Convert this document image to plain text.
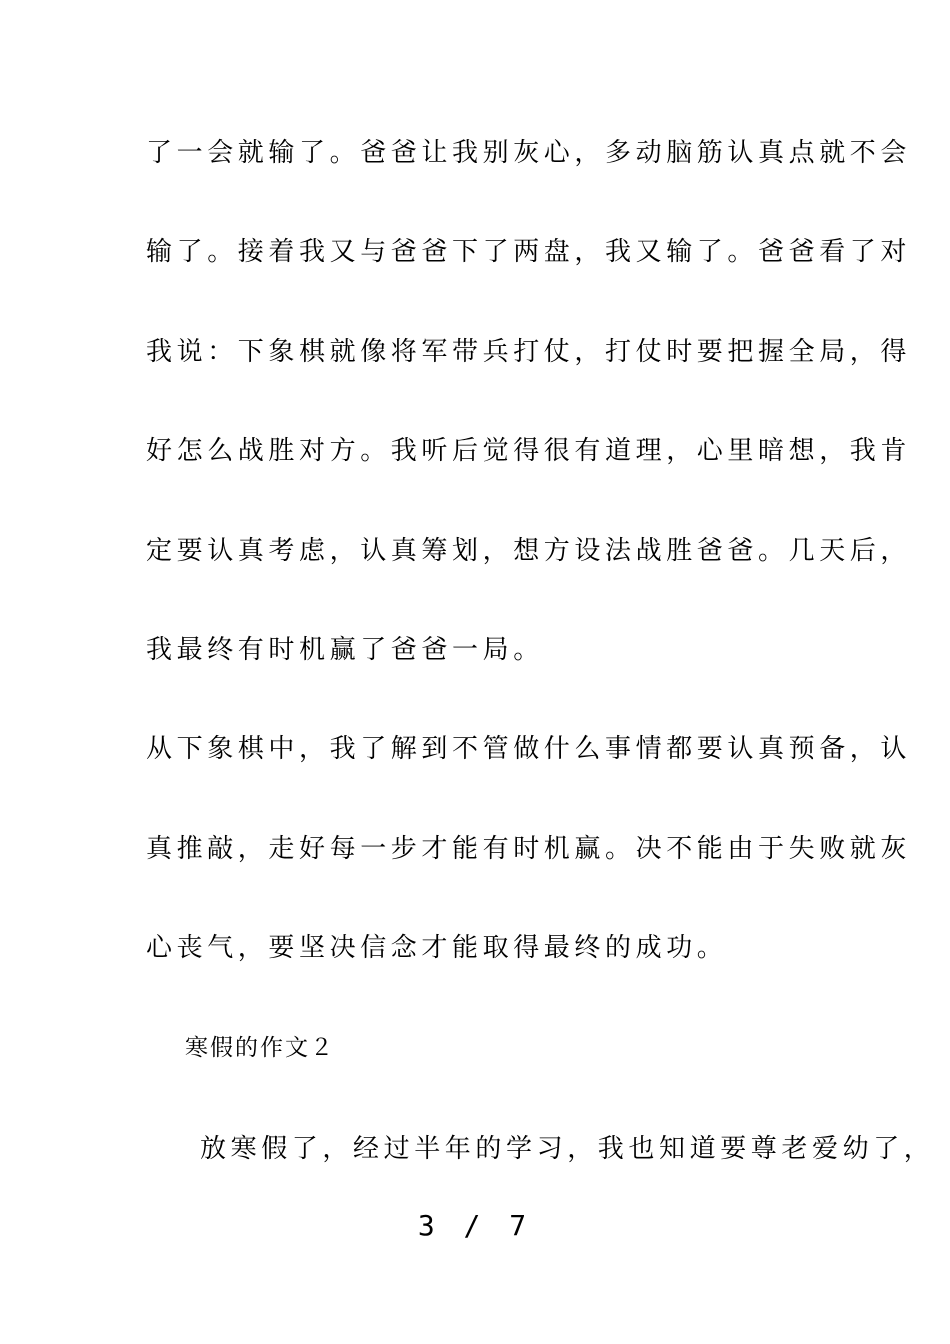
了一会就输了。爸爸让我别灰心，多动脑筋认真点就不会
输了。接着我又与爸爸下了两盘，我又输了。爸爸看了对
我说：下象棋就像将军带兵打仗，打仗时要把握全局，得
好怎么战胜对方。我听后觉得很有道理，心里暗想，我肯
定要认真考虑，认真筹划，想方设法战胜爸爸。几天后，
我最终有时机赢了爸爸一局。
从下象棋中，我了解到不管做什么事情都要认真预备，认
真推敲，走好每一步才能有时机赢。决不能由于失败就灰
心丧气，要坚决信念才能取得最终的成功。
寒假的作文２
放寒假了，经过半年的学习，我也知道要尊老爱幼了，
3 / 7
